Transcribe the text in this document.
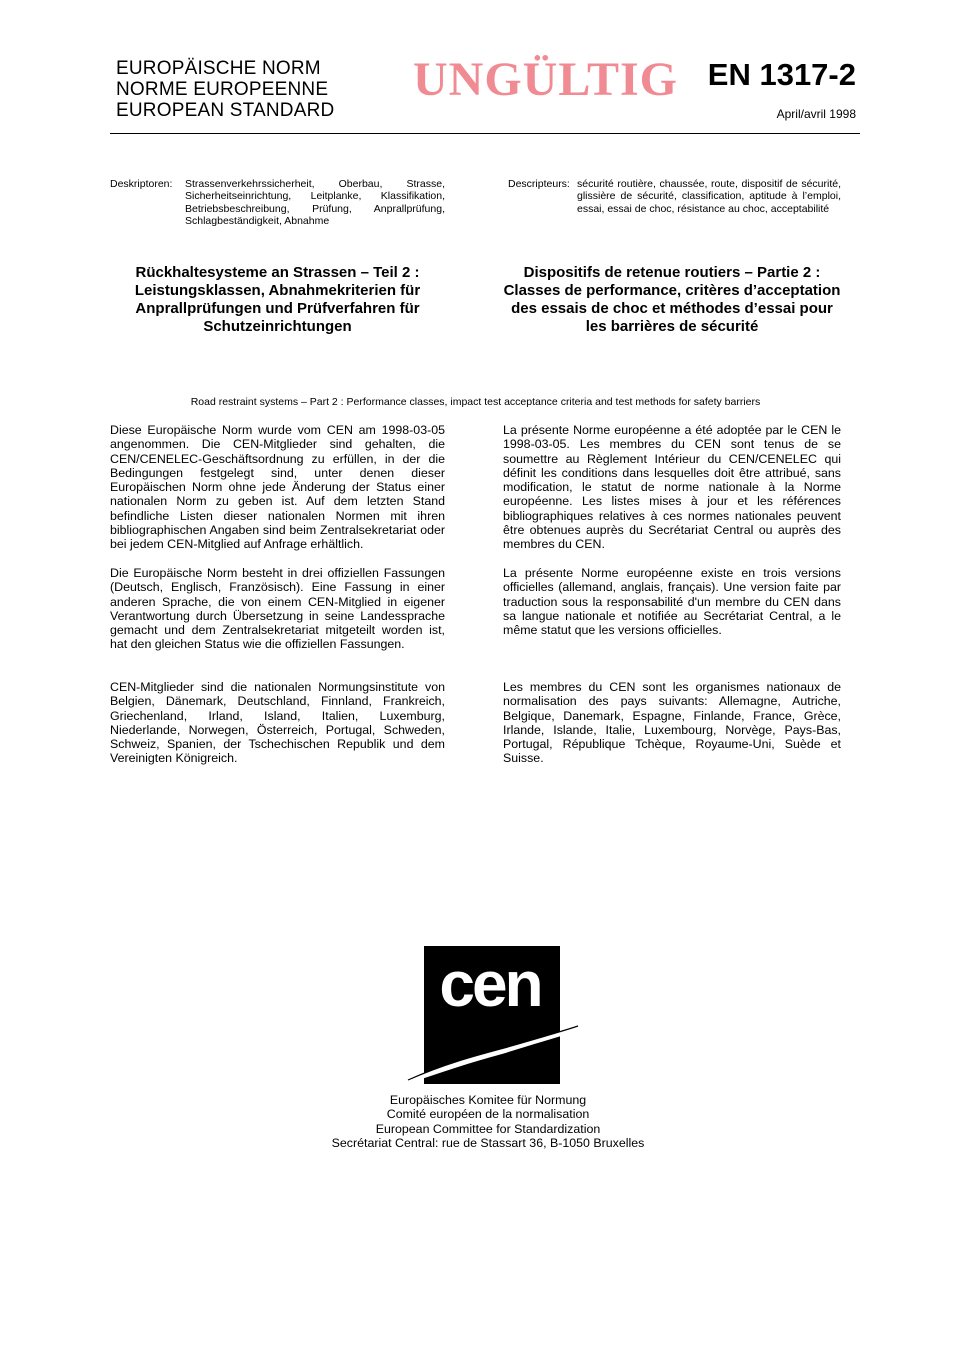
EUROPÄISCHE NORM
NORME EUROPEENNE
EUROPEAN STANDARD
UNGÜLTIG EN 1317-2
April/avril 1998
Deskriptoren: Strassenverkehrssicherheit, Oberbau, Strasse, Sicherheitseinrichtung, Leitplanke, Klassifikation, Betriebsbeschreibung, Prüfung, Anprallprüfung, Schlagbeständigkeit, Abnahme
Descripteurs: sécurité routière, chaussée, route, dispositif de sécurité, glissière de sécurité, classification, aptitude à l’emploi, essai, essai de choc, résistance au choc, acceptabilité
Rückhaltesysteme an Strassen – Teil 2 : Leistungsklassen, Abnahmekriterien für Anprallprüfungen und Prüfverfahren für Schutzeinrichtungen
Dispositifs de retenue routiers – Partie 2 : Classes de performance, critères d’acceptation des essais de choc et méthodes d’essai pour les barrières de sécurité
Road restraint systems – Part 2 : Performance classes, impact test acceptance criteria and test methods for safety barriers
Diese Europäische Norm wurde vom CEN am 1998-03-05 angenommen. Die CEN-Mitglieder sind gehalten, die CEN/CENELEC-Geschäftsordnung zu erfüllen, in der die Bedingungen festgelegt sind, unter denen dieser Europäischen Norm ohne jede Änderung der Status einer nationalen Norm zu geben ist. Auf dem letzten Stand befindliche Listen dieser nationalen Normen mit ihren bibliographischen Angaben sind beim Zentralsekretariat oder bei jedem CEN-Mitglied auf Anfrage erhältlich.
La présente Norme européenne a été adoptée par le CEN le 1998-03-05. Les membres du CEN sont tenus de se soumettre au Règlement Intérieur du CEN/CENELEC qui définit les conditions dans lesquelles doit être attribué, sans modification, le statut de norme nationale à la Norme européenne. Les listes mises à jour et les références bibliographiques relatives à ces normes nationales peuvent être obtenues auprès du Secrétariat Central ou auprès des membres du CEN.
Die Europäische Norm besteht in drei offiziellen Fassungen (Deutsch, Englisch, Französisch). Eine Fassung in einer anderen Sprache, die von einem CEN-Mitglied in eigener Verantwortung durch Übersetzung in seine Landessprache gemacht und dem Zentralsekretariat mitgeteilt worden ist, hat den gleichen Status wie die offiziellen Fassungen.
La présente Norme européenne existe en trois versions officielles (allemand, anglais, français). Une version faite par traduction sous la responsabilité d'un membre du CEN dans sa langue nationale et notifiée au Secrétariat Central, a le même statut que les versions officielles.
CEN-Mitglieder sind die nationalen Normungsinstitute von Belgien, Dänemark, Deutschland, Finnland, Frankreich, Griechenland, Irland, Island, Italien, Luxemburg, Niederlande, Norwegen, Österreich, Portugal, Schweden, Schweiz, Spanien, der Tschechischen Republik und dem Vereinigten Königreich.
Les membres du CEN sont les organismes nationaux de normalisation des pays suivants: Allemagne, Autriche, Belgique, Danemark, Espagne, Finlande, France, Grèce, Irlande, Islande, Italie, Luxembourg, Norvège, Pays-Bas, Portugal, République Tchèque, Royaume-Uni, Suède et Suisse.
cen
Europäisches Komitee für Normung
Comité européen de la normalisation
European Committee for Standardization
Secrétariat Central: rue de Stassart 36, B-1050 Bruxelles
